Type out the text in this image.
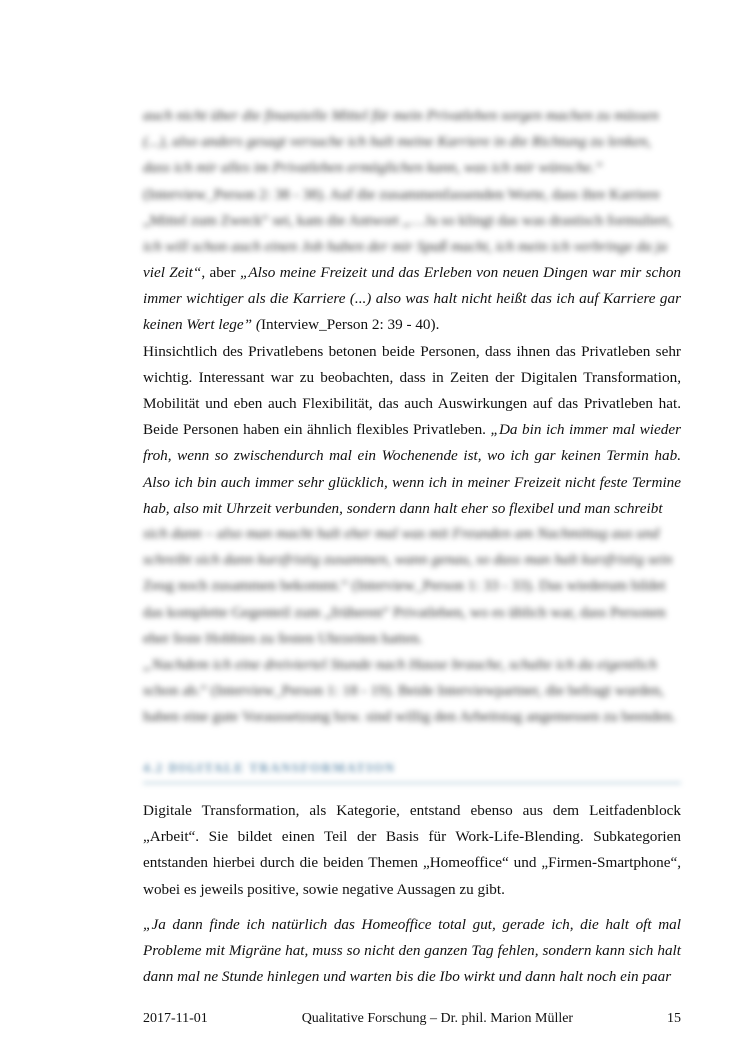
auch nicht über die finanzielle Mittel für mein Privatleben sorgen machen zu müssen

(...), also anders gesagt versuche ich halt meine Karriere in die Richtung zu lenken,

dass ich mir alles im Privatleben ermöglichen kann, was ich mir wünsche.“

(Interview_Person 2: 38 - 38). Auf die zusammenfassenden Worte, dass ihre Karriere

„Mittel zum Zweck“ sei, kam die Antwort „…Ja so klingt das was drastisch formuliert,

ich will schon auch einen Job haben der mir Spaß macht, ich mein ich verbringe da ja

viel Zeit“, aber „Also meine Freizeit und das Erleben von neuen Dingen war mir schon immer wichtiger als die Karriere (...) also was halt nicht heißt das ich auf Karriere gar keinen Wert lege” (Interview_Person 2: 39 - 40).

Hinsichtlich des Privatlebens betonen beide Personen, dass ihnen das Privatleben sehr wichtig. Interessant war zu beobachten, dass in Zeiten der Digitalen Transformation, Mobilität und eben auch Flexibilität, das auch Auswirkungen auf das Privatleben hat. Beide Personen haben ein ähnlich flexibles Privatleben. „Da bin ich immer mal wieder froh, wenn so zwischendurch mal ein Wochenende ist, wo ich gar keinen Termin hab. Also ich bin auch immer sehr glücklich, wenn ich in meiner Freizeit nicht feste Termine hab, also mit Uhrzeit verbunden, sondern dann halt eher so flexibel und man schreibt

sich dann – also man macht halt eher mal was mit Freunden am Nachmittag aus und

schreibt sich dann kurzfristig zusammen, wann genau, so dass man halt kurzfristig sein

Zeug noch zusammen bekommt.“ (Interview_Person 1: 33 - 33). Das wiederum bildet

das komplette Gegenteil zum „früheren“ Privatleben, wo es üblich war, dass Personen

eher feste Hobbies zu festen Uhrzeiten hatten.

„Nachdem ich eine dreiviertel Stunde nach Hause brauche, schalte ich da eigentlich

schon ab.“ (Interview_Person 1: 18 - 19). Beide Interviewpartner, die befragt wurden,

haben eine gute Voraussetzung bzw. sind willig den Arbeitstag angemessen zu beenden.

4.2 DIGITALE TRANSFORMATION

Digitale Transformation, als Kategorie, entstand ebenso aus dem Leitfadenblock „Arbeit“. Sie bildet einen Teil der Basis für Work-Life-Blending. Subkategorien entstanden hierbei durch die beiden Themen „Homeoffice“ und „Firmen-Smartphone“, wobei es jeweils positive, sowie negative Aussagen zu gibt.

„Ja dann finde ich natürlich das Homeoffice total gut, gerade ich, die halt oft mal Probleme mit Migräne hat, muss so nicht den ganzen Tag fehlen, sondern kann sich halt dann mal ne Stunde hinlegen und warten bis die Ibo wirkt und dann halt noch ein paar

2017-11-01	Qualitative Forschung – Dr. phil. Marion Müller	15
